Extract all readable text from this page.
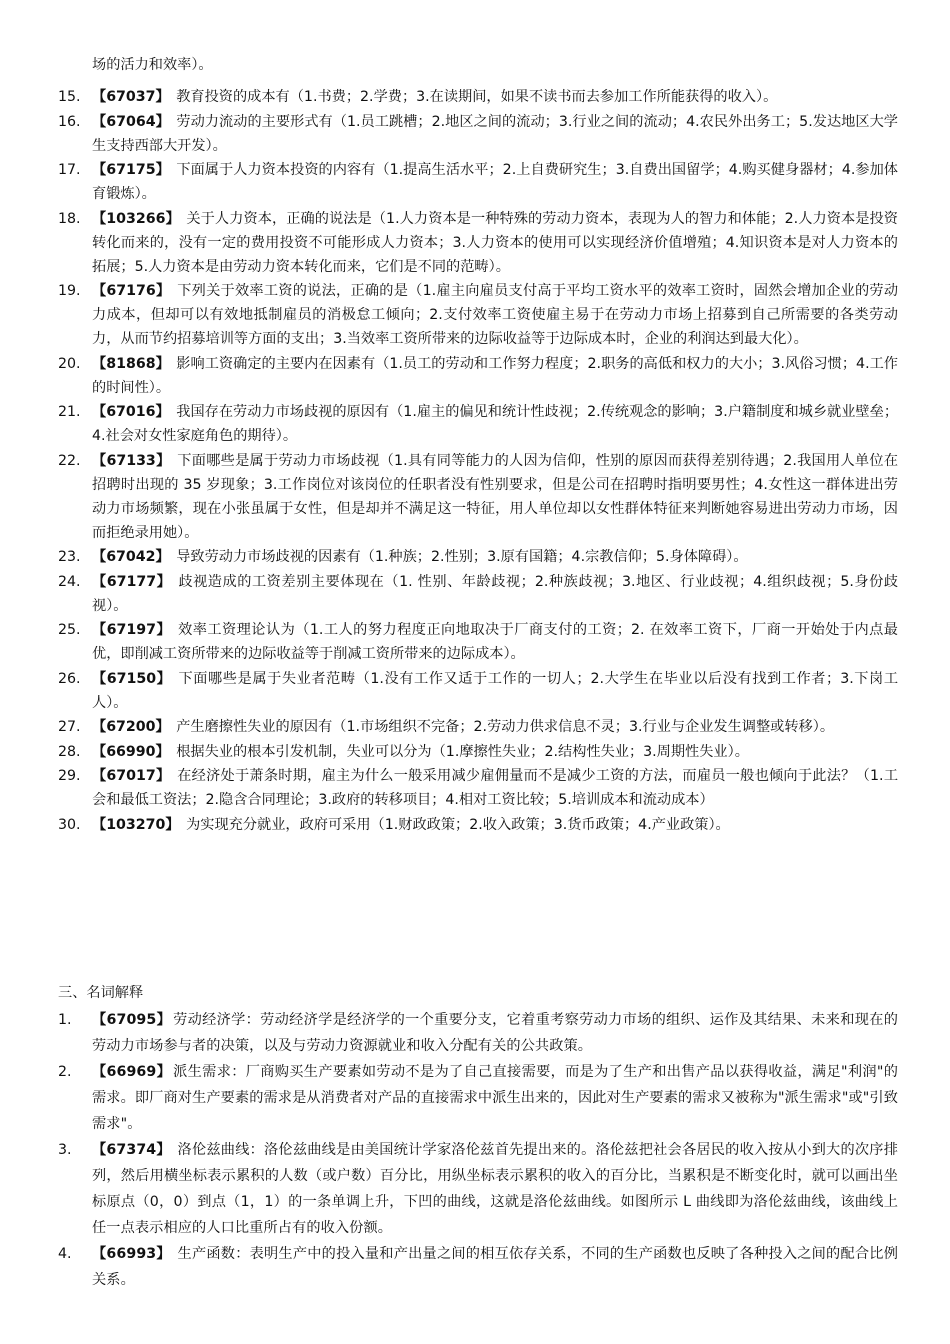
场的活力和效率）。
15. 【67037】 教育投资的成本有（1.书费；2.学费；3.在读期间，如果不读书而去参加工作所能获得的收入）。
16. 【67064】 劳动力流动的主要形式有（1.员工跳槽；2.地区之间的流动；3.行业之间的流动；4.农民外出务工；5.发达地区大学生支持西部大开发）。
17. 【67175】 下面属于人力资本投资的内容有（1.提高生活水平；2.上自费研究生；3.自费出国留学；4.购买健身器材；4.参加体育锻炼）。
18. 【103266】 关于人力资本，正确的说法是（1.人力资本是一种特殊的劳动力资本，表现为人的智力和体能；2.人力资本是投资转化而来的，没有一定的费用投资不可能形成人力资本；3.人力资本的使用可以实现经济价值增殖；4.知识资本是对人力资本的拓展；5.人力资本是由劳动力资本转化而来，它们是不同的范畴）。
19. 【67176】 下列关于效率工资的说法，正确的是（1.雇主向雇员支付高于平均工资水平的效率工资时，固然会增加企业的劳动力成本，但却可以有效地抵制雇员的消极怠工倾向；2.支付效率工资使雇主易于在劳动力市场上招募到自己所需要的各类劳动力，从而节约招募培训等方面的支出；3.当效率工资所带来的边际收益等于边际成本时，企业的利润达到最大化）。
20. 【81868】 影响工资确定的主要内在因素有（1.员工的劳动和工作努力程度；2.职务的高低和权力的大小；3.风俗习惯；4.工作的时间性）。
21. 【67016】 我国存在劳动力市场歧视的原因有（1.雇主的偏见和统计性歧视；2.传统观念的影响；3.户籍制度和城乡就业壁垒；4.社会对女性家庭角色的期待）。
22. 【67133】 下面哪些是属于劳动力市场歧视（1.具有同等能力的人因为信仰，性别的原因而获得差别待遇；2.我国用人单位在招聘时出现的 35 岁现象；3.工作岗位对该岗位的任职者没有性别要求，但是公司在招聘时指明要男性；4.女性这一群体进出劳动力市场频繁，现在小张虽属于女性，但是却并不满足这一特征，用人单位却以女性群体特征来判断她容易进出劳动力市场，因而拒绝录用她）。
23. 【67042】 导致劳动力市场歧视的因素有（1.种族；2.性别；3.原有国籍；4.宗教信仰；5.身体障碍）。
24. 【67177】 歧视造成的工资差别主要体现在（1. 性别、年龄歧视；2.种族歧视；3.地区、行业歧视；4.组织歧视；5.身份歧视）。
25. 【67197】 效率工资理论认为（1.工人的努力程度正向地取决于厂商支付的工资；2. 在效率工资下，厂商一开始处于内点最优，即削减工资所带来的边际收益等于削减工资所带来的边际成本）。
26. 【67150】 下面哪些是属于失业者范畴（1.没有工作又适于工作的一切人；2.大学生在毕业以后没有找到工作者；3.下岗工人）。
27. 【67200】 产生磨擦性失业的原因有（1.市场组织不完备；2.劳动力供求信息不灵；3.行业与企业发生调整或转移）。
28. 【66990】 根据失业的根本引发机制，失业可以分为（1.摩擦性失业；2.结构性失业；3.周期性失业）。
29. 【67017】 在经济处于萧条时期，雇主为什么一般采用减少雇佣量而不是减少工资的方法，而雇员一般也倾向于此法？（1.工会和最低工资法；2.隐含合同理论；3.政府的转移项目；4.相对工资比较；5.培训成本和流动成本）
30. 【103270】 为实现充分就业，政府可采用（1.财政政策；2.收入政策；3.货币政策；4.产业政策）。
三、名词解释
1.	【67095】 劳动经济学：劳动经济学是经济学的一个重要分支，它着重考察劳动力市场的组织、运作及其结果、未来和现在的劳动力市场参与者的决策，以及与劳动力资源就业和收入分配有关的公共政策。
2.	【66969】 派生需求：厂商购买生产要素如劳动不是为了自己直接需要，而是为了生产和出售产品以获得收益，满足"利润"的需求。即厂商对生产要素的需求是从消费者对产品的直接需求中派生出来的，因此对生产要素的需求又被称为"派生需求"或"引致需求"。
3.	【67374】 洛伦兹曲线：洛伦兹曲线是由美国统计学家洛伦兹首先提出来的。洛伦兹把社会各居民的收入按从小到大的次序排列，然后用横坐标表示累积的人数（或户数）百分比，用纵坐标表示累积的收入的百分比，当累积是不断变化时，就可以画出坐标原点（0，0）到点（1，1）的一条单调上升，下凹的曲线，这就是洛伦兹曲线。如图所示 L 曲线即为洛伦兹曲线，该曲线上任一点表示相应的人口比重所占有的收入份额。
4.	【66993】 生产函数：表明生产中的投入量和产出量之间的相互依存关系，不同的生产函数也反映了各种投入之间的配合比例关系。
